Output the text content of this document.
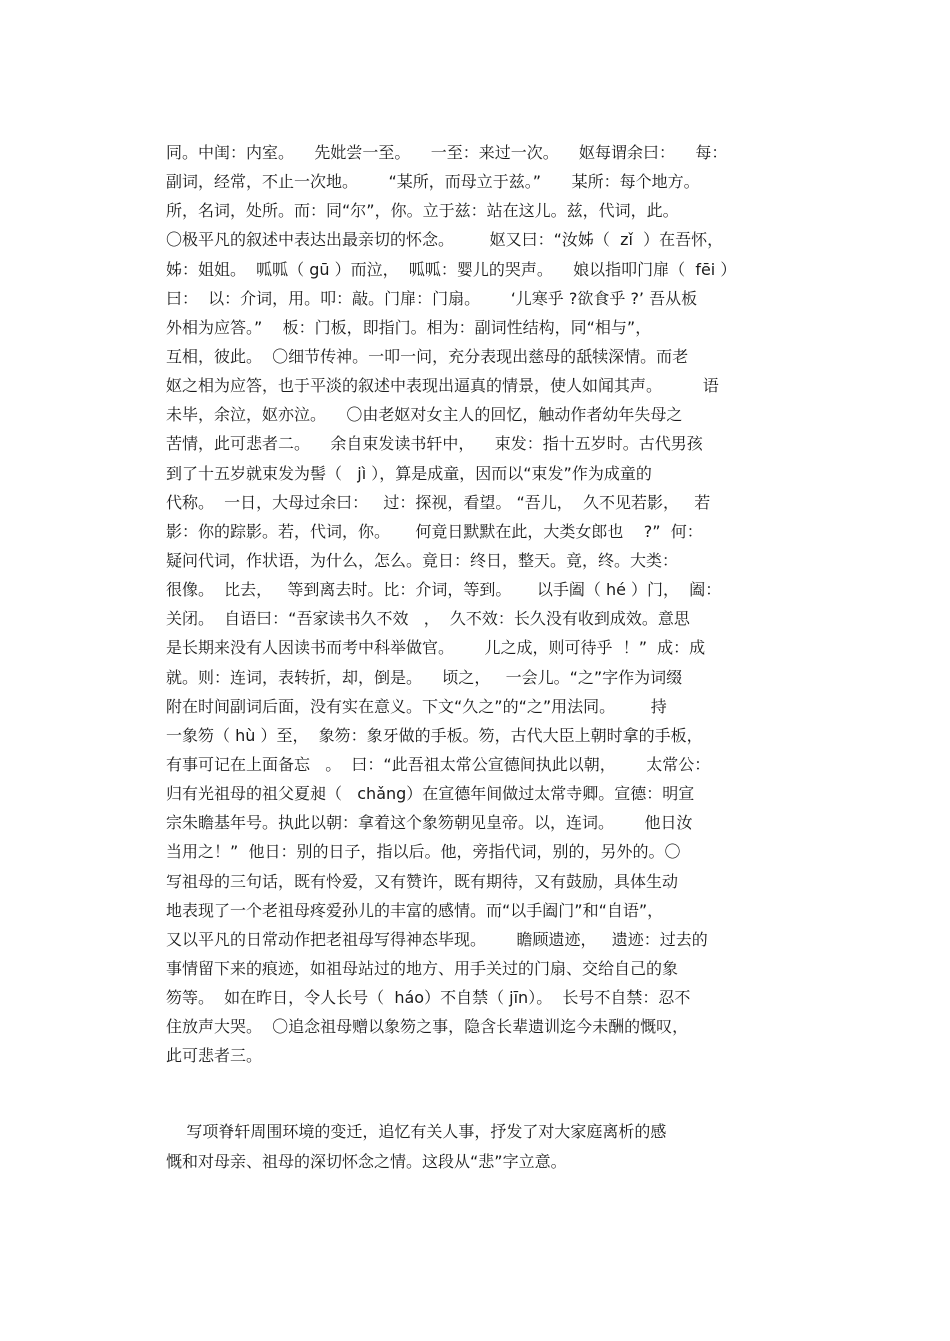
同。中闺：内室。    先妣尝一至。    一至：来过一次。    妪每谓余曰：    每：
副词，经常，不止一次地。      “某所，而母立于兹。”      某所：每个地方。
所，名词，处所。而：同“尔”，你。立于兹：站在这儿。兹，代词，此。
〇极平凡的叙述中表达出最亲切的怀念。       妪又曰：“汝姊（  zǐ  ）在吾怀，
姊：姐姐。  呱呱（ gū ）而泣，  呱呱：婴儿的哭声。    娘以指叩门扉（  fēi ）
曰：  以：介词，用。叩：敲。门扉：门扇。      ‘儿寒乎 ?欲食乎 ?’ 吾从板
外相为应答。”    板：门板，即指门。相为：副词性结构，同“相与”，
互相，彼此。  〇细节传神。一叩一问，充分表现出慈母的舐犊深情。而老
妪之相为应答，也于平淡的叙述中表现出逼真的情景，使人如闻其声。        语
未毕，余泣，妪亦泣。    〇由老妪对女主人的回忆，触动作者幼年失母之
苦情，此可悲者二。    余自束发读书轩中，    束发：指十五岁时。古代男孩
到了十五岁就束发为髻（   jì ），算是成童，因而以“束发”作为成童的
代称。  一日，大母过余曰：   过：探视，看望。 “吾儿，  久不见若影，   若
影：你的踪影。若，代词，你。     何竟日默默在此，大类女郎也    ?”  何：
疑问代词，作状语，为什么，怎么。竟日：终日，整天。竟，终。大类：
很像。  比去，   等到离去时。比：介词，等到。     以手阖（ hé ）门，  阖：
关闭。  自语曰：“吾家读书久不效   ，  久不效：长久没有收到成效。意思
是长期来没有人因读书而考中科举做官。      儿之成，则可待乎  ！”  成：成
就。则：连词，表转折，却，倒是。    顷之，   一会儿。“之”字作为词缀
附在时间副词后面，没有实在意义。下文“久之”的“之”用法同。       持
一象笏（ hù ）至，  象笏：象牙做的手板。笏，古代大臣上朝时拿的手板，
有事可记在上面备忘   。  曰：“此吾祖太常公宣德间执此以朝，      太常公：
归有光祖母的祖父夏昶（   chǎng）在宣德年间做过太常寺卿。宣德：明宣
宗朱瞻基年号。执此以朝：拿着这个象笏朝见皇帝。以，连词。      他日汝
当用之！”  他日：别的日子，指以后。他，旁指代词，别的，另外的。〇
写祖母的三句话，既有怜爱，又有赞许，既有期待，又有鼓励，具体生动
地表现了一个老祖母疼爱孙儿的丰富的感情。而“以手阖门”和“自语”，
又以平凡的日常动作把老祖母写得神态毕现。      瞻顾遗迹，   遗迹：过去的
事情留下来的痕迹，如祖母站过的地方、用手关过的门扇、交给自己的象
笏等。  如在昨日，令人长号（  háo）不自禁（ jīn）。  长号不自禁：忍不
住放声大哭。  〇追念祖母赠以象笏之事，隐含长辈遗训迄今未酬的慨叹，
此可悲者三。
写项脊轩周围环境的变迁，追忆有关人事，抒发了对大家庭离析的感
慨和对母亲、祖母的深切怀念之情。这段从“悲”字立意。
